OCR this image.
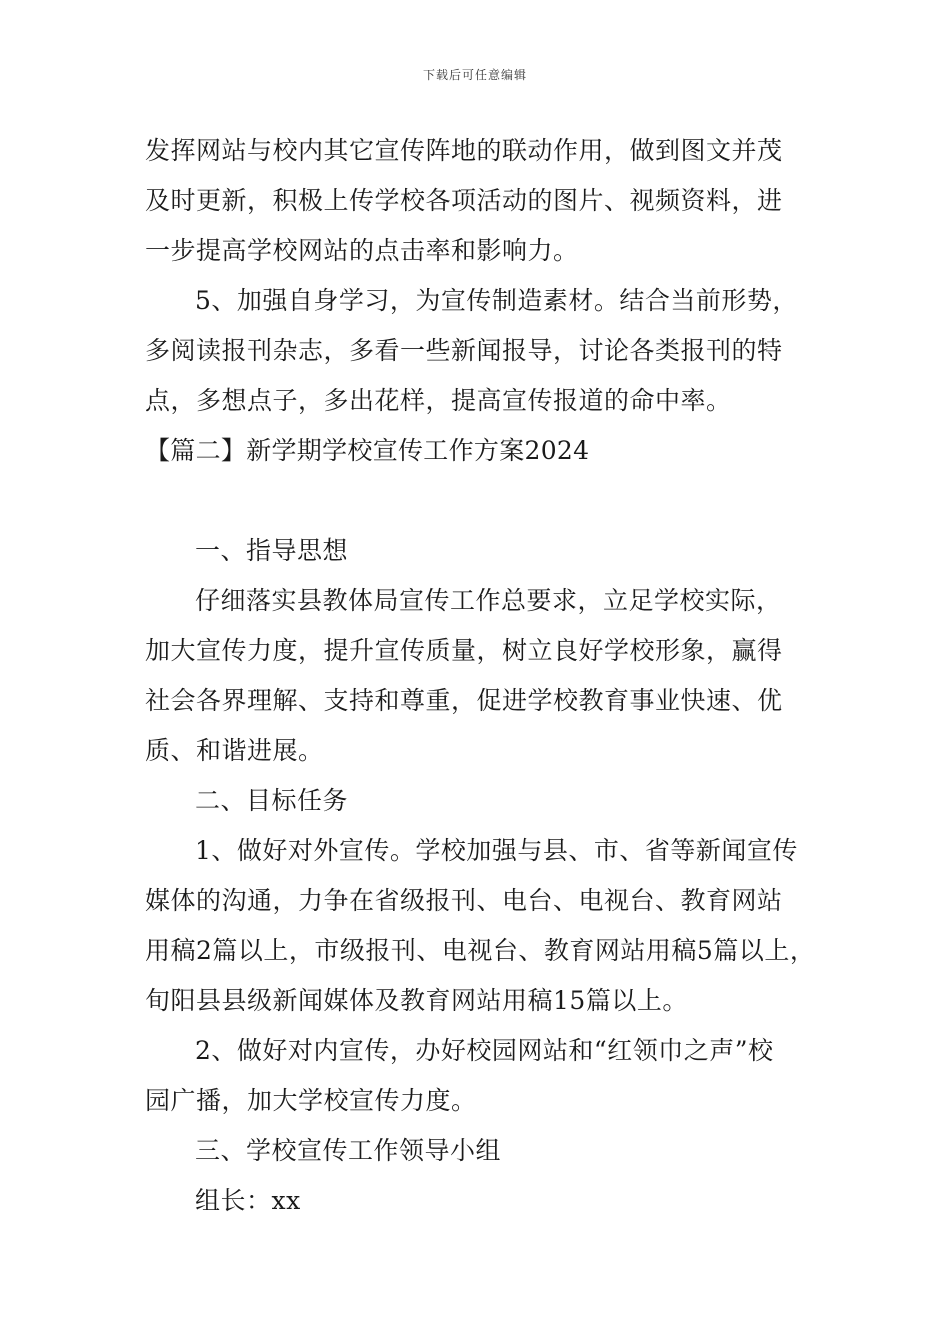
下载后可任意编辑
发挥网站与校内其它宣传阵地的联动作用，做到图文并茂
及时更新，积极上传学校各项活动的图片、视频资料，进
一步提高学校网站的点击率和影响力。
5、加强自身学习，为宣传制造素材。结合当前形势，
多阅读报刊杂志，多看一些新闻报导，讨论各类报刊的特
点，多想点子，多出花样，提高宣传报道的命中率。
【篇二】新学期学校宣传工作方案2024
一、指导思想
仔细落实县教体局宣传工作总要求，立足学校实际，
加大宣传力度，提升宣传质量，树立良好学校形象，赢得
社会各界理解、支持和尊重，促进学校教育事业快速、优
质、和谐进展。
二、目标任务
1、做好对外宣传。学校加强与县、市、省等新闻宣传
媒体的沟通，力争在省级报刊、电台、电视台、教育网站
用稿2篇以上，市级报刊、电视台、教育网站用稿5篇以上，
旬阳县县级新闻媒体及教育网站用稿15篇以上。
2、做好对内宣传，办好校园网站和“红领巾之声”校
园广播，加大学校宣传力度。
三、学校宣传工作领导小组
组长：xx
